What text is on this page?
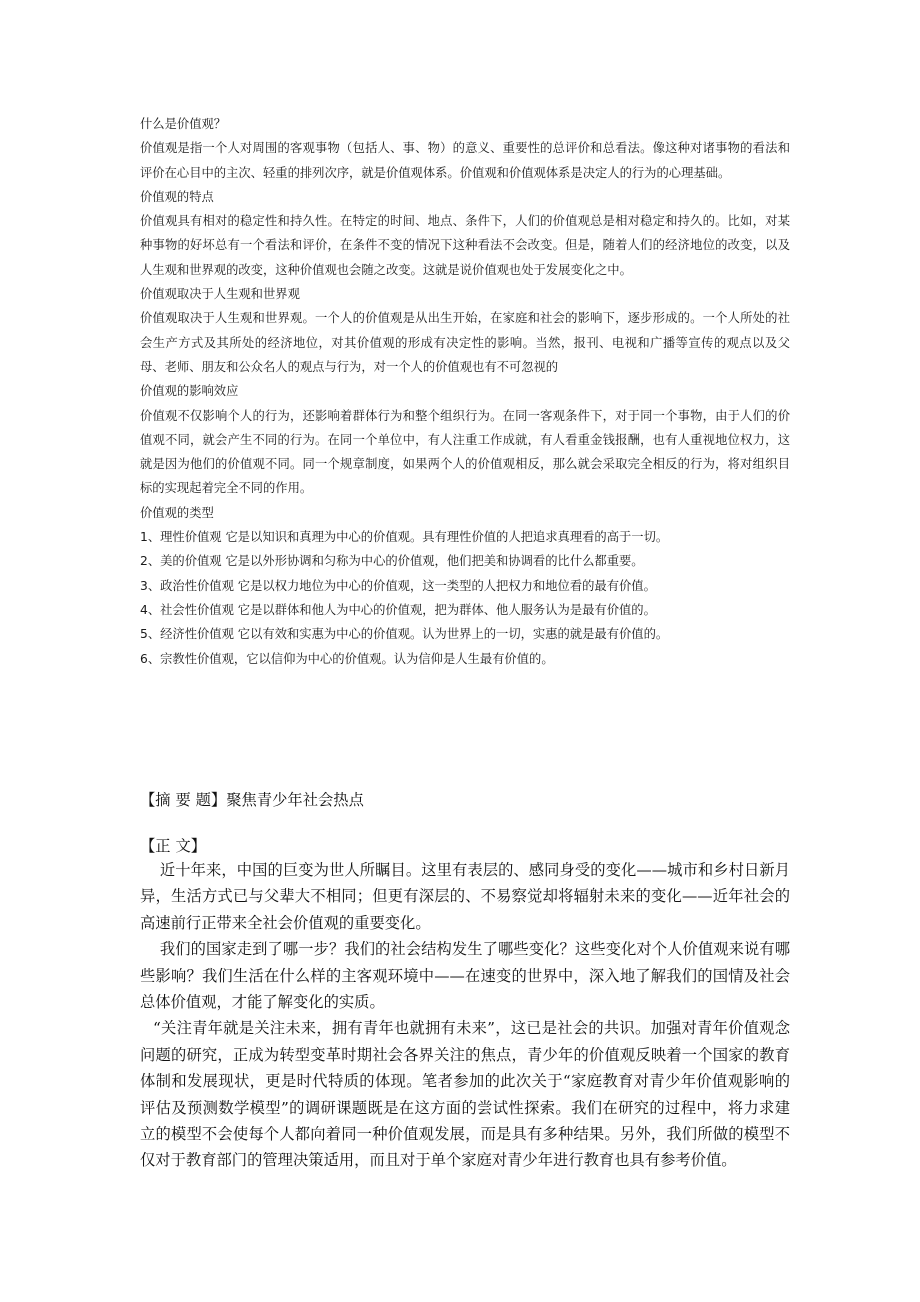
什么是价值观？

价值观是指一个人对周围的客观事物（包括人、事、物）的意义、重要性的总评价和总看法。像这种对诸事物的看法和评价在心目中的主次、轻重的排列次序，就是价值观体系。价值观和价值观体系是决定人的行为的心理基础。

价值观的特点

价值观具有相对的稳定性和持久性。在特定的时间、地点、条件下，人们的价值观总是相对稳定和持久的。比如，对某种事物的好坏总有一个看法和评价，在条件不变的情况下这种看法不会改变。但是，随着人们的经济地位的改变，以及人生观和世界观的改变，这种价值观也会随之改变。这就是说价值观也处于发展变化之中。

价值观取决于人生观和世界观

价值观取决于人生观和世界观。一个人的价值观是从出生开始，在家庭和社会的影响下，逐步形成的。一个人所处的社会生产方式及其所处的经济地位，对其价值观的形成有决定性的影响。当然，报刊、电视和广播等宣传的观点以及父母、老师、朋友和公众名人的观点与行为，对一个人的价值观也有不可忽视的

价值观的影响效应

价值观不仅影响个人的行为，还影响着群体行为和整个组织行为。在同一客观条件下，对于同一个事物，由于人们的价值观不同，就会产生不同的行为。在同一个单位中，有人注重工作成就，有人看重金钱报酬，也有人重视地位权力，这就是因为他们的价值观不同。同一个规章制度，如果两个人的价值观相反，那么就会采取完全相反的行为，将对组织目标的实现起着完全不同的作用。

价值观的类型

1、理性价值观 它是以知识和真理为中心的价值观。具有理性价值的人把追求真理看的高于一切。

2、美的价值观 它是以外形协调和匀称为中心的价值观，他们把美和协调看的比什么都重要。

3、政治性价值观 它是以权力地位为中心的价值观，这一类型的人把权力和地位看的最有价值。

4、社会性价值观 它是以群体和他人为中心的价值观，把为群体、他人服务认为是最有价值的。

5、经济性价值观 它以有效和实惠为中心的价值观。认为世界上的一切，实惠的就是最有价值的。

6、宗教性价值观，它以信仰为中心的价值观。认为信仰是人生最有价值的。

【摘 要 题】聚焦青少年社会热点
【正 文】

近十年来，中国的巨变为世人所瞩目。这里有表层的、感同身受的变化——城市和乡村日新月异，生活方式已与父辈大不相同；但更有深层的、不易察觉却将辐射未来的变化——近年社会的高速前行正带来全社会价值观的重要变化。

我们的国家走到了哪一步？我们的社会结构发生了哪些变化？这些变化对个人价值观来说有哪些影响？我们生活在什么样的主客观环境中——在速变的世界中，深入地了解我们的国情及社会总体价值观，才能了解变化的实质。

“关注青年就是关注未来，拥有青年也就拥有未来”，这已是社会的共识。加强对青年价值观念问题的研究，正成为转型变革时期社会各界关注的焦点，青少年的价值观反映着一个国家的教育体制和发展现状，更是时代特质的体现。笔者参加的此次关于“家庭教育对青少年价值观影响的评估及预测数学模型”的调研课题既是在这方面的尝试性探索。我们在研究的过程中，将力求建立的模型不会使每个人都向着同一种价值观发展，而是具有多种结果。另外，我们所做的模型不仅对于教育部门的管理决策适用，而且对于单个家庭对青少年进行教育也具有参考价值。
